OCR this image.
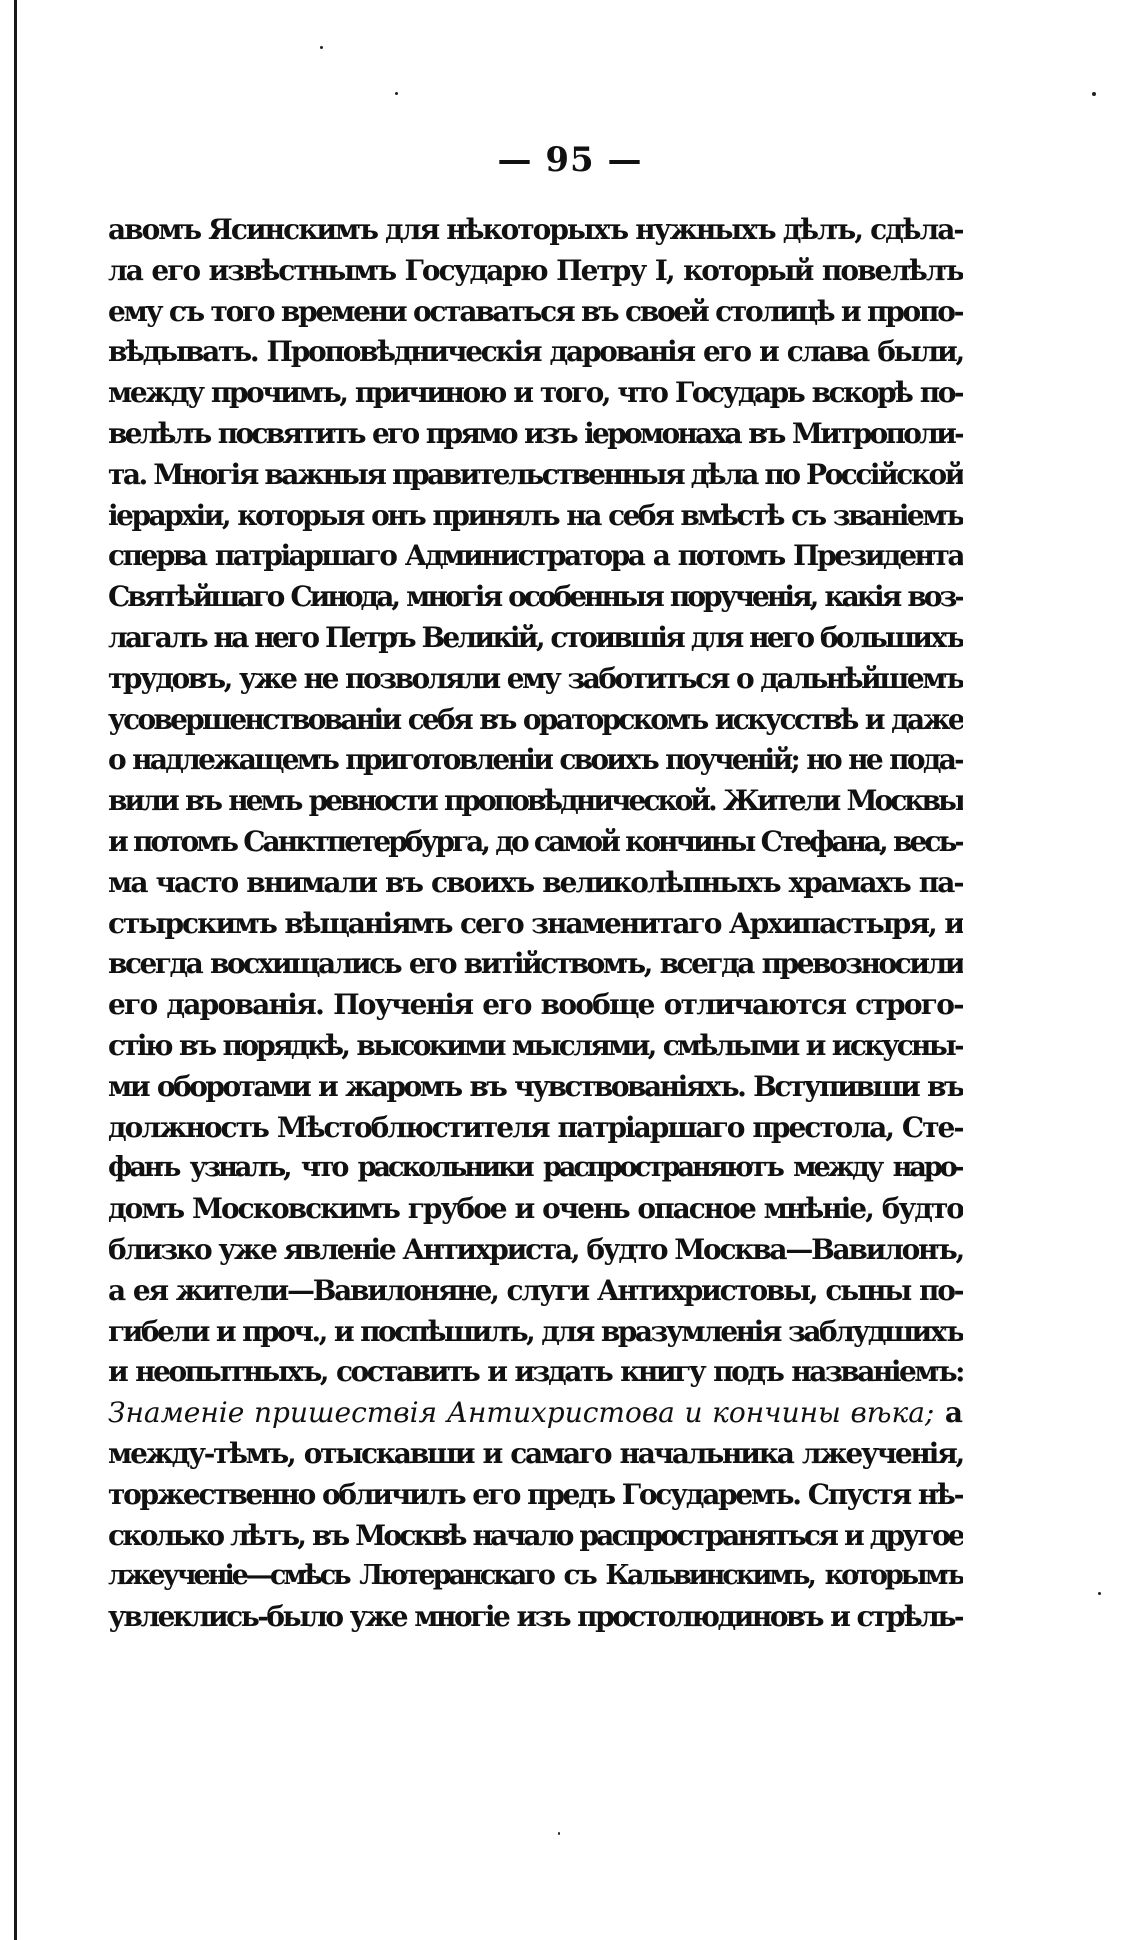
— 95 —
авомъ Ясинскимъ для нѣкоторыхъ нужныхъ дѣлъ, сдѣла-
ла его извѣстнымъ Государю Петру I, который повелѣлъ
ему съ того времени оставаться въ своей столицѣ и пропо-
вѣдывать. Проповѣдническія дарованія его и слава были,
между прочимъ, причиною и того, что Государь вскорѣ по-
велѣлъ посвятить его прямо изъ іеромонаха въ Митрополи-
та. Многія важныя правительственныя дѣла по Россійской
іерархіи, которыя онъ принялъ на себя вмѣстѣ съ званіемъ
сперва патріаршаго Администратора а потомъ Президента
Святѣйшаго Синода, многія особенныя порученія, какія воз-
лагалъ на него Петръ Великій, стоившія для него большихъ
трудовъ, уже не позволяли ему заботиться о дальнѣйшемъ
усовершенствованіи себя въ ораторскомъ искусствѣ и даже
о надлежащемъ приготовленіи своихъ поученій; но не пода-
вили въ немъ ревности проповѣднической. Жители Москвы
и потомъ Санктпетербурга, до самой кончины Стефана, весь-
ма часто внимали въ своихъ великолѣпныхъ храмахъ па-
стырскимъ вѣщаніямъ сего знаменитаго Архипастыря, и
всегда восхищались его витійствомъ, всегда превозносили
его дарованія. Поученія его вообще отличаются строго-
стію въ порядкѣ, высокими мыслями, смѣлыми и искусны-
ми оборотами и жаромъ въ чувствованіяхъ. Вступивши въ
должность Мѣстоблюстителя патріаршаго престола, Сте-
фанъ узналъ, что раскольники распространяютъ между наро-
домъ Московскимъ грубое и очень опасное мнѣніе, будто
близко уже явленіе Антихриста, будто Москва—Вавилонъ,
а ея жители—Вавилоняне, слуги Антихристовы, сыны по-
гибели и проч., и поспѣшилъ, для вразумленія заблудшихъ
и неопытныхъ, составить и издать книгу подъ названіемъ:
Знаменіе пришествія Антихристова и кончины вѣка; а
между-тѣмъ, отыскавши и самаго начальника лжеученія,
торжественно обличилъ его предъ Государемъ. Спустя нѣ-
сколько лѣтъ, въ Москвѣ начало распространяться и другое
лжеученіе—смѣсь Лютеранскаго съ Кальвинскимъ, которымъ
увлеклись-было уже многіе изъ простолюдиновъ и стрѣль-
